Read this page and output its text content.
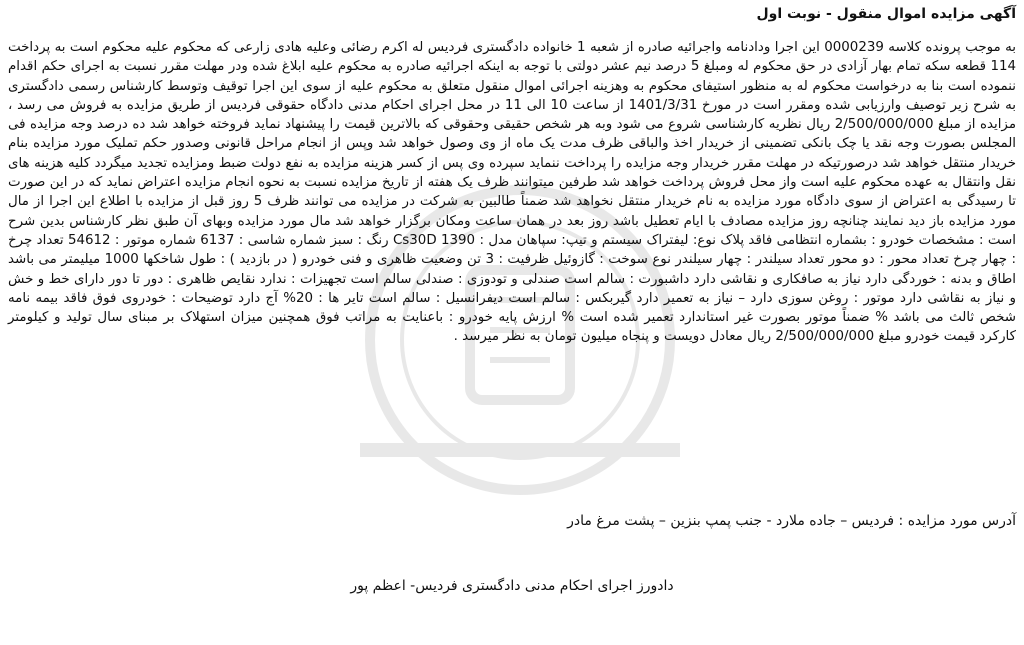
آگهی مزایده اموال منقول - نوبت اول
به موجب پرونده کلاسه 0000239 این اجرا ودادنامه واجرائیه صادره از شعبه 1 خانواده دادگستری فردیس له اکرم رضائی وعلیه هادی زارعی که محکوم علیه محکوم است به پرداخت 114 قطعه سکه تمام بهار آزادی در حق محکوم له ومبلغ 5 درصد نیم عشر دولتی با توجه به اینکه اجرائیه صادره به محکوم علیه ابلاغ شده ودر مهلت مقرر نسبت به اجرای حکم اقدام ننموده است بنا به درخواست محکوم له به منظور استیفای محکوم به وهزینه اجرائی اموال منقول متعلق به محکوم علیه از سوی این اجرا توقیف وتوسط کارشناس رسمی دادگستری به شرح زیر توصیف وارزیابی شده ومقرر است در مورخ 1401/3/31 از ساعت 10 الی 11 در محل اجرای احکام مدنی دادگاه حقوقی فردیس از طریق مزایده به فروش می رسد ، مزایده از مبلغ 2/500/000/000 ریال نظریه کارشناسی شروع می شود وبه هر شخص حقیقی وحقوقی که بالاترین قیمت را پیشنهاد نماید فروخته خواهد شد ده درصد وجه مزایده فی المجلس بصورت وجه نقد یا چک بانکی تضمینی از خریدار اخذ والباقی ظرف مدت یک ماه از وی وصول خواهد شد وپس از انجام مراحل قانونی وصدور حکم تملیک مورد مزایده بنام خریدار منتقل خواهد شد درصورتیکه در مهلت مقرر خریدار وجه مزایده را پرداخت ننماید سپرده وی پس از کسر هزینه مزایده به نفع دولت ضبط ومزایده تجدید میگردد کلیه هزینه های نقل وانتقال به عهده محکوم علیه است واز محل فروش پرداخت خواهد شد طرفین میتوانند ظرف یک هفته از تاریخ مزایده نسبت به نحوه انجام مزایده اعتراض نماید که در این صورت تا رسیدگی به اعتراض از سوی دادگاه مورد مزایده به نام خریدار منتقل نخواهد شد ضمناً طالبین به شرکت در مزایده می توانند ظرف 5 روز قبل از مزایده با اطلاع این اجرا از مال مورد مزایده باز دید نمایند چنانچه روز مزایده مصادف با ایام تعطیل باشد روز بعد در همان ساعت ومکان برگزار خواهد شد مال مورد مزایده وبهای آن طبق نظر کارشناس بدین شرح است : مشخصات خودرو : بشماره انتظامی فاقد پلاک نوع: لیفتراک سیستم و تیپ: سپاهان مدل : Cs30D 1390 رنگ : سبز شماره شاسی : 6137 شماره موتور : 54612 تعداد چرخ : چهار چرخ تعداد محور : دو محور تعداد سیلندر : چهار سیلندر نوع سوخت : گازوئیل ظرفیت : 3 تن وضعیت ظاهری و فنی خودرو ( در بازدید ) : طول شاخکها 1000 میلیمتر می باشد اطاق و بدنه : خوردگی دارد نیاز به صافکاری و نقاشی دارد داشبورت : سالم است صندلی و تودوزی : صندلی سالم است تجهیزات : ندارد نقایص ظاهری : دور تا دور دارای خط و خش و نیاز به نقاشی دارد موتور : روغن سوزی دارد – نیاز به تعمیر دارد گیربکس : سالم است دیفرانسیل : سالم است تایر ها : 20% آج دارد توضیحات : خودروی فوق فاقد بیمه نامه شخص ثالث می باشد % ضمناً موتور بصورت غیر استاندارد تعمیر شده است % ارزش پایه خودرو : باعنایت به مراتب فوق همچنین میزان استهلاک بر مبنای سال تولید و کیلومتر کارکرد قیمت خودرو مبلغ 2/500/000/000 ریال معادل دویست و پنجاه میلیون تومان به نظر میرسد .
آدرس مورد مزایده : فردیس – جاده ملارد - جنب پمپ بنزین – پشت مرغ مادر
دادورز اجرای احکام مدنی دادگستری فردیس- اعظم پور
